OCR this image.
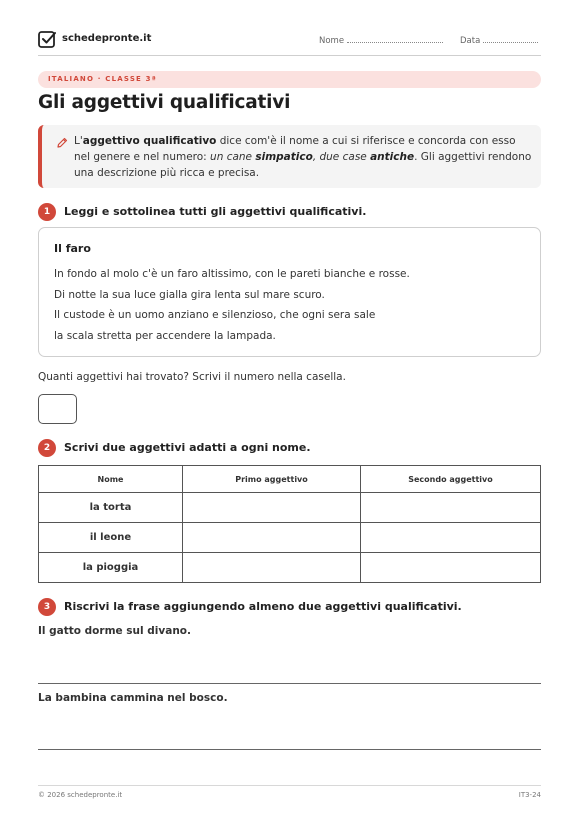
schedepronte.it	Nome	Data
ITALIANO · CLASSE 3ª
Gli aggettivi qualificativi
L'aggettivo qualificativo dice com'è il nome a cui si riferisce e concorda con esso nel genere e nel numero: un cane simpatico, due case antiche. Gli aggettivi rendono una descrizione più ricca e precisa.
1	Leggi e sottolinea tutti gli aggettivi qualificativi.
Il faro
In fondo al molo c'è un faro altissimo, con le pareti bianche e rosse.
Di notte la sua luce gialla gira lenta sul mare scuro.
Il custode è un uomo anziano e silenzioso, che ogni sera sale
la scala stretta per accendere la lampada.
Quanti aggettivi hai trovato? Scrivi il numero nella casella.
2	Scrivi due aggettivi adatti a ogni nome.
Nome	Primo aggettivo	Secondo aggettivo
la torta		
il leone		
la pioggia		
3	Riscrivi la frase aggiungendo almeno due aggettivi qualificativi.
Il gatto dorme sul divano.
La bambina cammina nel bosco.
© 2026 schedepronte.it	IT3-24
